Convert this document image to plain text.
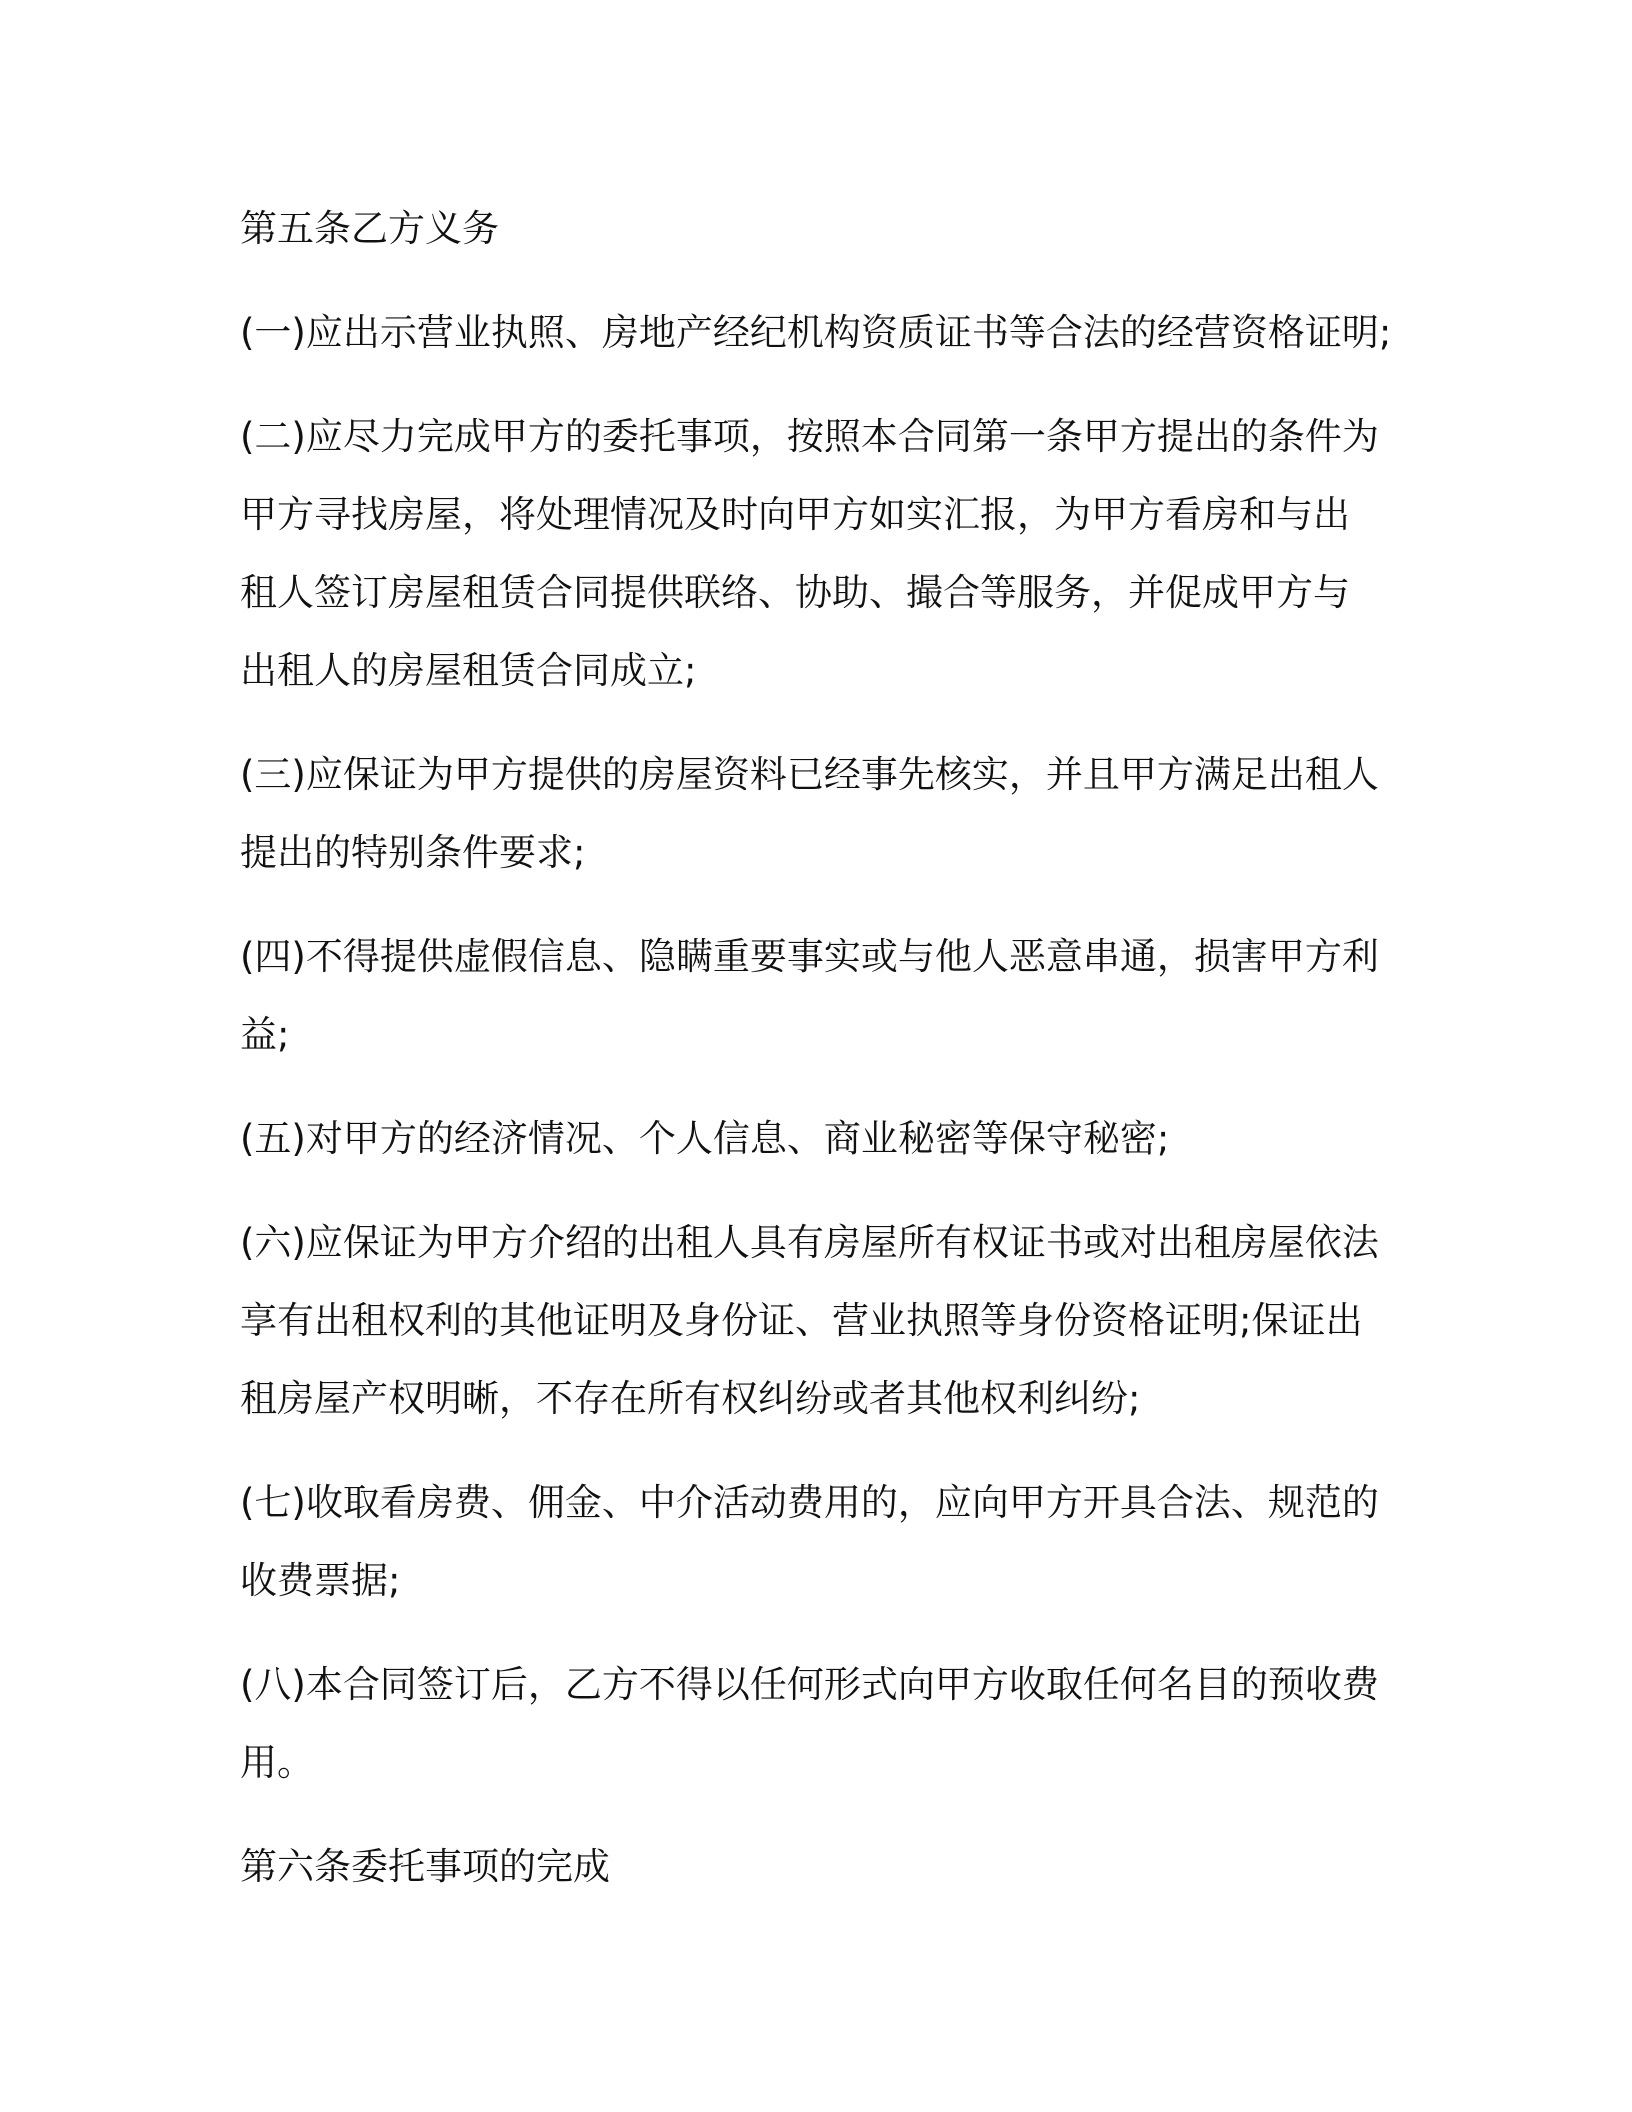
第五条乙方义务
(一)应出示营业执照、房地产经纪机构资质证书等合法的经营资格证明;
(二)应尽力完成甲方的委托事项，按照本合同第一条甲方提出的条件为
甲方寻找房屋，将处理情况及时向甲方如实汇报，为甲方看房和与出
租人签订房屋租赁合同提供联络、协助、撮合等服务，并促成甲方与
出租人的房屋租赁合同成立;
(三)应保证为甲方提供的房屋资料已经事先核实，并且甲方满足出租人
提出的特别条件要求;
(四)不得提供虚假信息、隐瞒重要事实或与他人恶意串通，损害甲方利
益;
(五)对甲方的经济情况、个人信息、商业秘密等保守秘密;
(六)应保证为甲方介绍的出租人具有房屋所有权证书或对出租房屋依法
享有出租权利的其他证明及身份证、营业执照等身份资格证明;保证出
租房屋产权明晰，不存在所有权纠纷或者其他权利纠纷;
(七)收取看房费、佣金、中介活动费用的，应向甲方开具合法、规范的
收费票据;
(八)本合同签订后，乙方不得以任何形式向甲方收取任何名目的预收费
用。
第六条委托事项的完成
